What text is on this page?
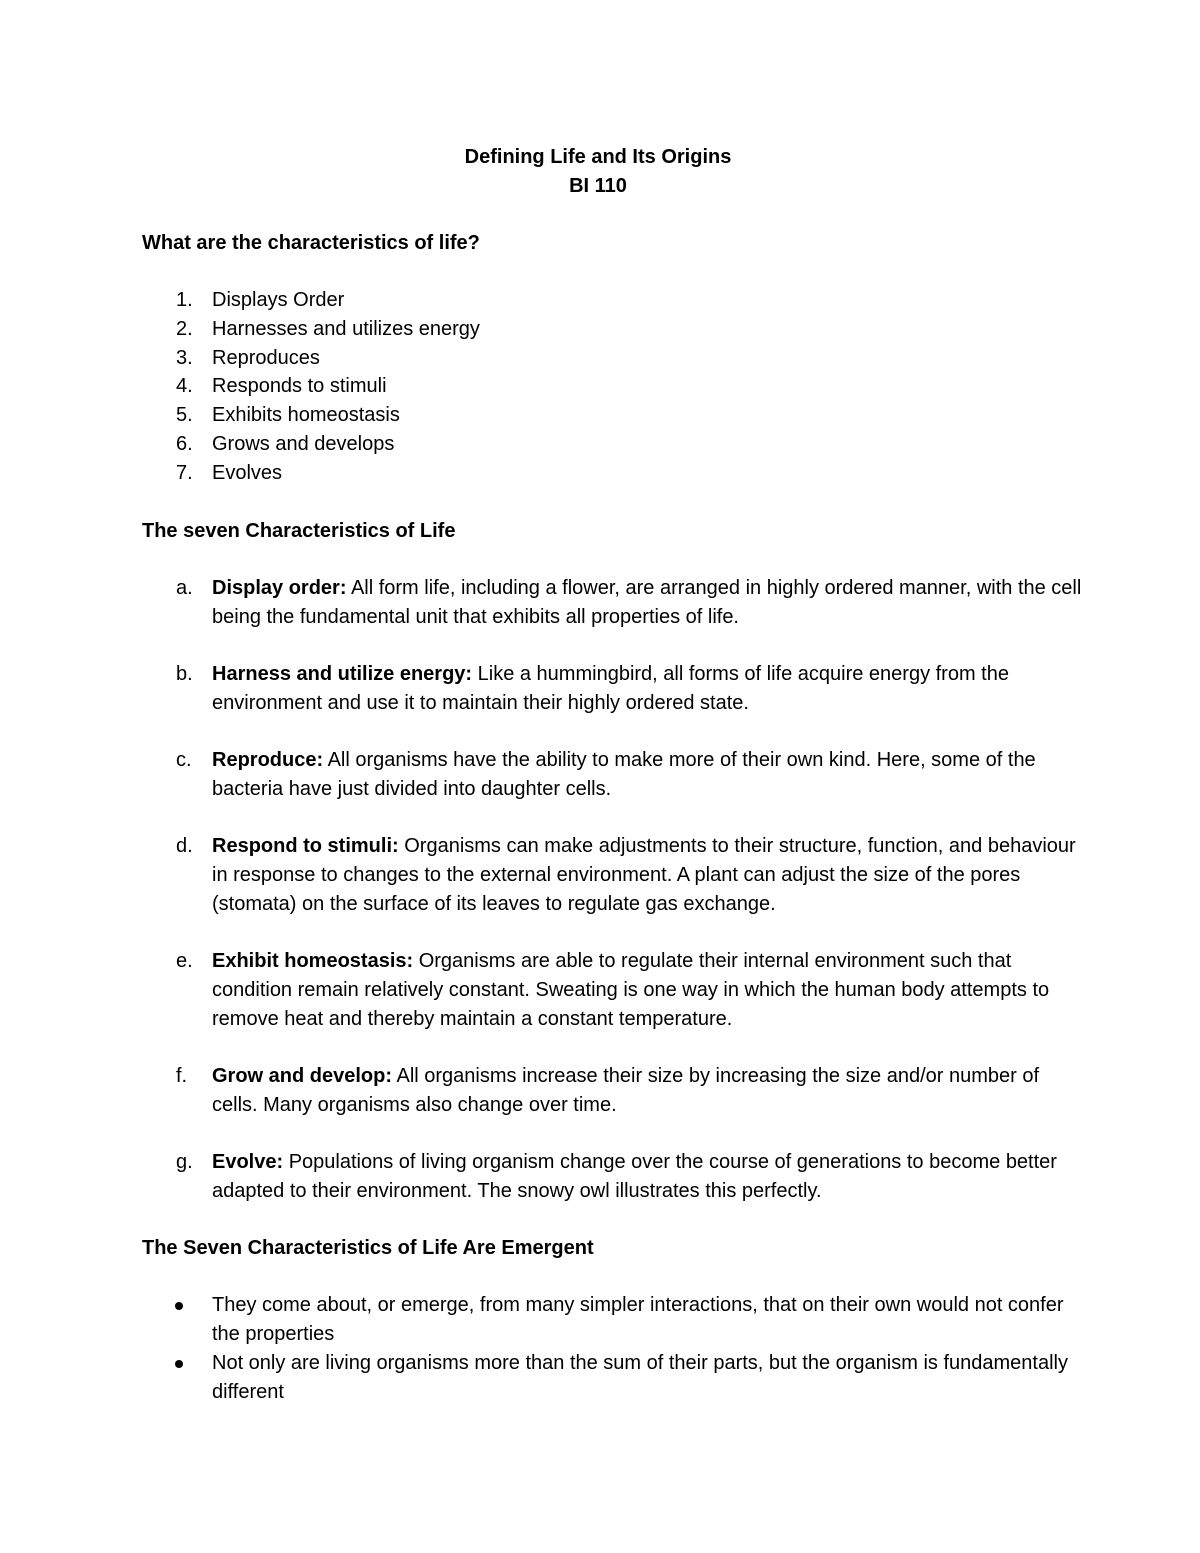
Defining Life and Its Origins
BI 110
What are the characteristics of life?
1. Displays Order
2. Harnesses and utilizes energy
3. Reproduces
4. Responds to stimuli
5. Exhibits homeostasis
6. Grows and develops
7. Evolves
The seven Characteristics of Life
a. Display order: All form life, including a flower, are arranged in highly ordered manner, with the cell being the fundamental unit that exhibits all properties of life.
b. Harness and utilize energy: Like a hummingbird, all forms of life acquire energy from the environment and use it to maintain their highly ordered state.
c. Reproduce: All organisms have the ability to make more of their own kind. Here, some of the bacteria have just divided into daughter cells.
d. Respond to stimuli: Organisms can make adjustments to their structure, function, and behaviour in response to changes to the external environment. A plant can adjust the size of the pores (stomata) on the surface of its leaves to regulate gas exchange.
e. Exhibit homeostasis: Organisms are able to regulate their internal environment such that condition remain relatively constant. Sweating is one way in which the human body attempts to remove heat and thereby maintain a constant temperature.
f. Grow and develop: All organisms increase their size by increasing the size and/or number of cells. Many organisms also change over time.
g. Evolve: Populations of living organism change over the course of generations to become better adapted to their environment. The snowy owl illustrates this perfectly.
The Seven Characteristics of Life Are Emergent
They come about, or emerge, from many simpler interactions, that on their own would not confer the properties
Not only are living organisms more than the sum of their parts, but the organism is fundamentally different
